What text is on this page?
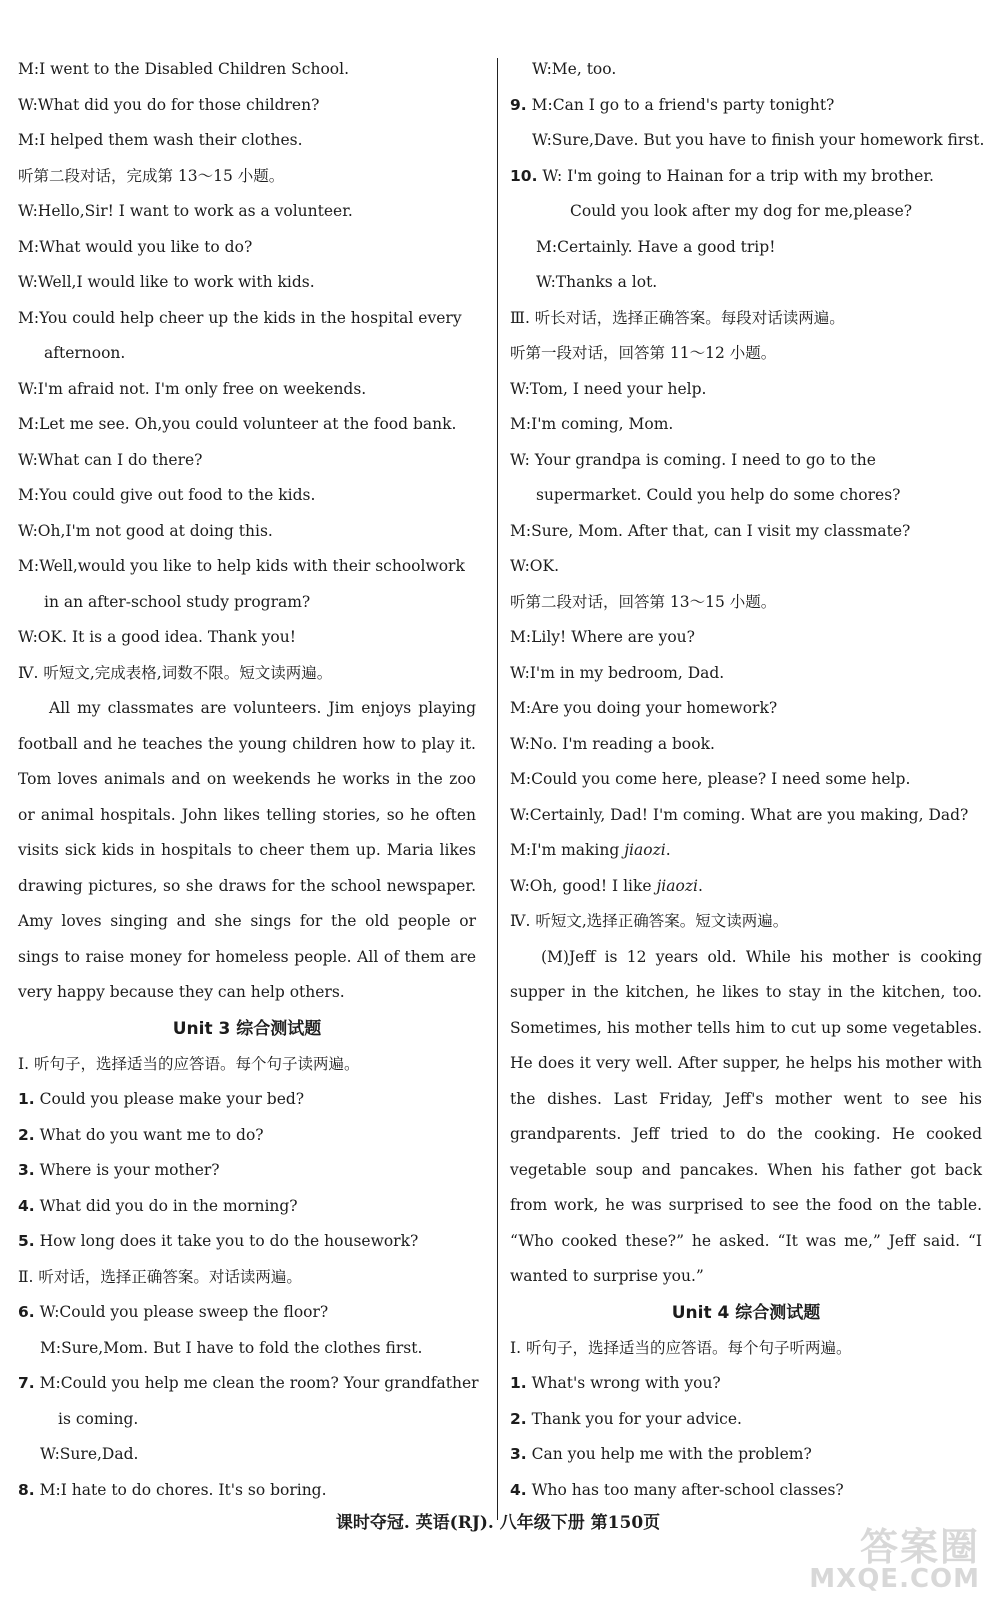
M:I went to the Disabled Children School.
W:What did you do for those children?
M:I helped them wash their clothes.
听第二段对话，完成第 13～15 小题。
W:Hello,Sir! I want to work as a volunteer.
M:What would you like to do?
W:Well,I would like to work with kids.
M:You could help cheer up the kids in the hospital every
afternoon.
W:I'm afraid not. I'm only free on weekends.
M:Let me see. Oh,you could volunteer at the food bank.
W:What can I do there?
M:You could give out food to the kids.
W:Oh,I'm not good at doing this.
M:Well,would you like to help kids with their schoolwork
in an after-school study program?
W:OK. It is a good idea. Thank you!
Ⅳ. 听短文,完成表格,词数不限。短文读两遍。
All my classmates are volunteers. Jim enjoys playing football and he teaches the young children how to play it. Tom loves animals and on weekends he works in the zoo or animal hospitals. John likes telling stories, so he often visits sick kids in hospitals to cheer them up. Maria likes drawing pictures, so she draws for the school newspaper. Amy loves singing and she sings for the old people or sings to raise money for homeless people. All of them are very happy because they can help others.
Unit 3 综合测试题
Ⅰ. 听句子，选择适当的应答语。每个句子读两遍。
1. Could you please make your bed?
2. What do you want me to do?
3. Where is your mother?
4. What did you do in the morning?
5. How long does it take you to do the housework?
Ⅱ. 听对话，选择正确答案。对话读两遍。
6. W:Could you please sweep the floor?
M:Sure,Mom. But I have to fold the clothes first.
7. M:Could you help me clean the room? Your grandfather
is coming.
W:Sure,Dad.
8. M:I hate to do chores. It's so boring.
W:Me, too.
9. M:Can I go to a friend's party tonight?
W:Sure,Dave. But you have to finish your homework first.
10. W: I'm going to Hainan for a trip with my brother.
Could you look after my dog for me,please?
M:Certainly. Have a good trip!
W:Thanks a lot.
Ⅲ. 听长对话，选择正确答案。每段对话读两遍。
听第一段对话，回答第 11～12 小题。
W:Tom, I need your help.
M:I'm coming, Mom.
W: Your grandpa is coming. I need to go to the
supermarket. Could you help do some chores?
M:Sure, Mom. After that, can I visit my classmate?
W:OK.
听第二段对话，回答第 13～15 小题。
M:Lily! Where are you?
W:I'm in my bedroom, Dad.
M:Are you doing your homework?
W:No. I'm reading a book.
M:Could you come here, please? I need some help.
W:Certainly, Dad! I'm coming. What are you making, Dad?
M:I'm making jiaozi.
W:Oh, good! I like jiaozi.
Ⅳ. 听短文,选择正确答案。短文读两遍。
(M)Jeff is 12 years old. While his mother is cooking supper in the kitchen, he likes to stay in the kitchen, too. Sometimes, his mother tells him to cut up some vegetables. He does it very well. After supper, he helps his mother with the dishes. Last Friday, Jeff's mother went to see his grandparents. Jeff tried to do the cooking. He cooked vegetable soup and pancakes. When his father got back from work, he was surprised to see the food on the table. “Who cooked these?” he asked. “It was me,” Jeff said. “I wanted to surprise you.”
Unit 4 综合测试题
Ⅰ. 听句子，选择适当的应答语。每个句子听两遍。
1. What's wrong with you?
2. Thank you for your advice.
3. Can you help me with the problem?
4. Who has too many after-school classes?
课时夺冠. 英语(RJ). 八年级下册 第150页
答案圈
MXQE.COM
